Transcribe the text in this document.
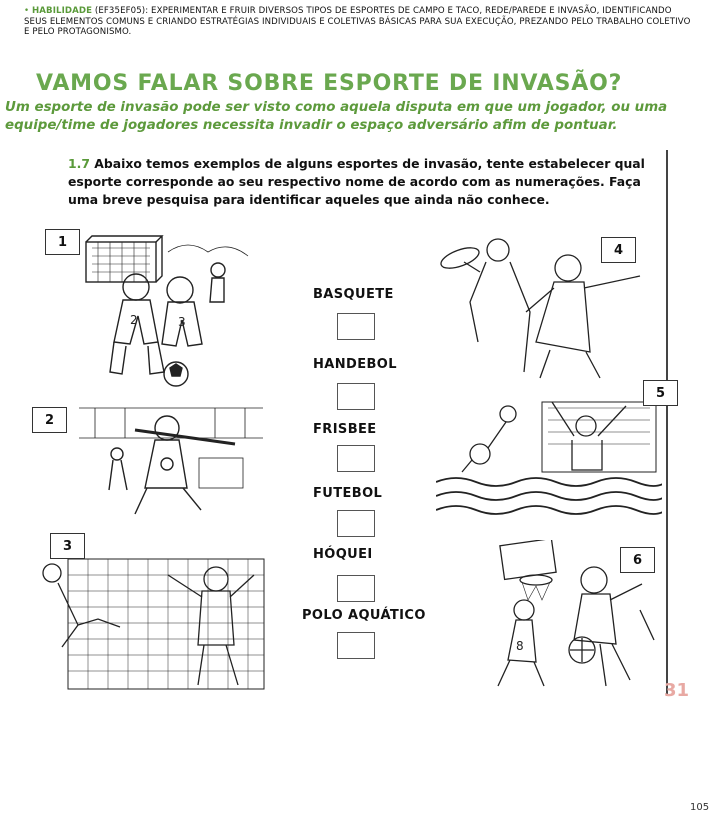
• HABILIDADE (EF35EF05): EXPERIMENTAR E FRUIR DIVERSOS TIPOS DE ESPORTES DE CAMPO E TACO, REDE/PAREDE E INVASÃO, IDENTIFICANDO SEUS ELEMENTOS COMUNS E CRIANDO ESTRATÉGIAS INDIVIDUAIS E COLETIVAS BÁSICAS PARA SUA EXECUÇÃO, PREZANDO PELO TRABALHO COLETIVO E PELO PROTAGONISMO.
VAMOS FALAR SOBRE ESPORTE DE INVASÃO?
Um esporte de invasão pode ser visto como aquela disputa em que um jogador, ou uma equipe/time de jogadores necessita invadir o espaço adversário afim de pontuar.
1.7 Abaixo temos exemplos de alguns esportes de invasão, tente estabelecer qual esporte corresponde ao seu respectivo nome de acordo com as numerações. Faça uma breve pesquisa para identificar aqueles que ainda não conhece.
2	3
8
1
2
3
4
5
6
BASQUETE
HANDEBOL
FRISBEE
FUTEBOL
HÓQUEI
POLO AQUÁTICO
31
105
